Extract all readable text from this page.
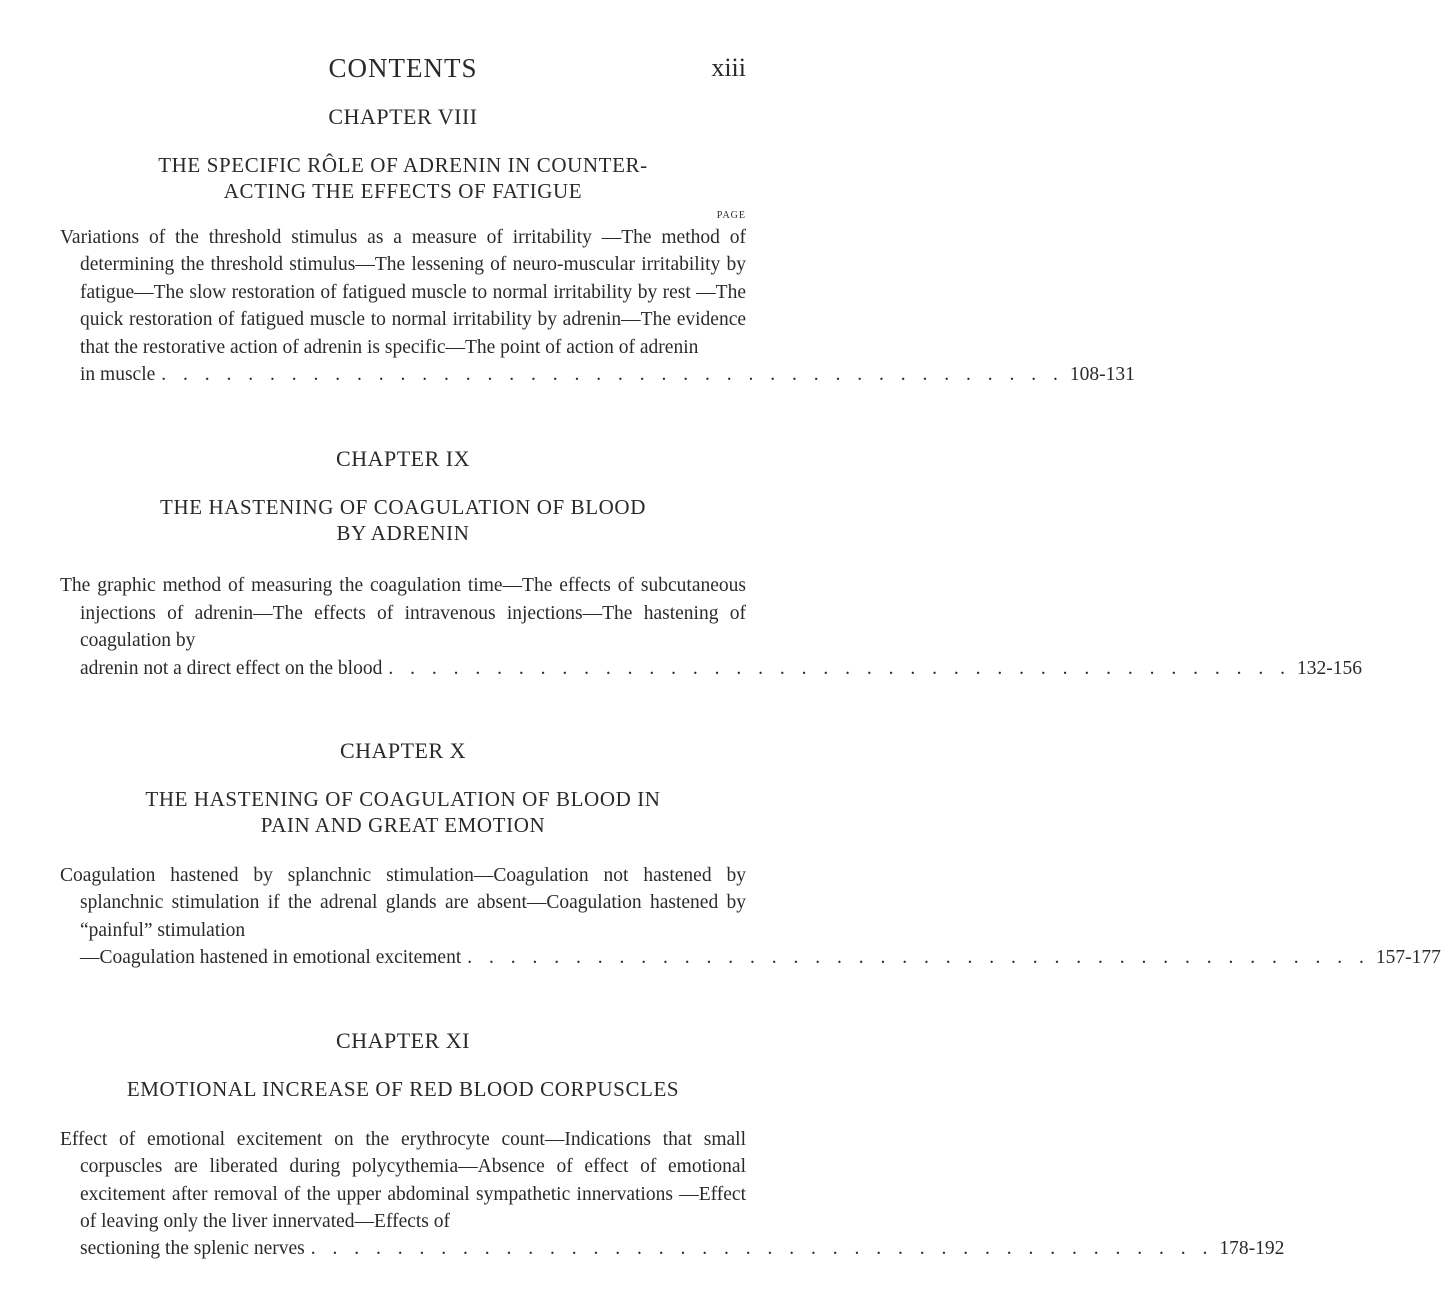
CONTENTS	xiii
CHAPTER VIII
THE SPECIFIC RÔLE OF ADRENIN IN COUNTER-
ACTING THE EFFECTS OF FATIGUE
PAGE
Variations of the threshold stimulus as a measure of irritability —The method of determining the threshold stimulus—The lessening of neuro-muscular irritability by fatigue—The slow restoration of fatigued muscle to normal irritability by rest —The quick restoration of fatigued muscle to normal irritability by adrenin—The evidence that the restorative action of adrenin is specific—The point of action of adrenin
in muscle . . . . . . . . . . . . . . . . . . . . . . . . . . . . . . . . . . . . . . . . . . 108-131
CHAPTER IX
THE HASTENING OF COAGULATION OF BLOOD
BY ADRENIN
The graphic method of measuring the coagulation time—The effects of subcutaneous injections of adrenin—The effects of intravenous injections—The hastening of coagulation by
adrenin not a direct effect on the blood . . . . . . . . . . . . . . . . . . . . . . . . . . . . . . . . . . . . . . . . . . 132-156
CHAPTER X
THE HASTENING OF COAGULATION OF BLOOD IN
PAIN AND GREAT EMOTION
Coagulation hastened by splanchnic stimulation—Coagulation not hastened by splanchnic stimulation if the adrenal glands are absent—Coagulation hastened by “painful” stimulation
—Coagulation hastened in emotional excitement . . . . . . . . . . . . . . . . . . . . . . . . . . . . . . . . . . . . . . . . . . 157-177
CHAPTER XI
EMOTIONAL INCREASE OF RED BLOOD CORPUSCLES
Effect of emotional excitement on the erythrocyte count—Indications that small corpuscles are liberated during polycythemia—Absence of effect of emotional excitement after removal of the upper abdominal sympathetic innervations —Effect of leaving only the liver innervated—Effects of
sectioning the splenic nerves . . . . . . . . . . . . . . . . . . . . . . . . . . . . . . . . . . . . . . . . . . 178-192
